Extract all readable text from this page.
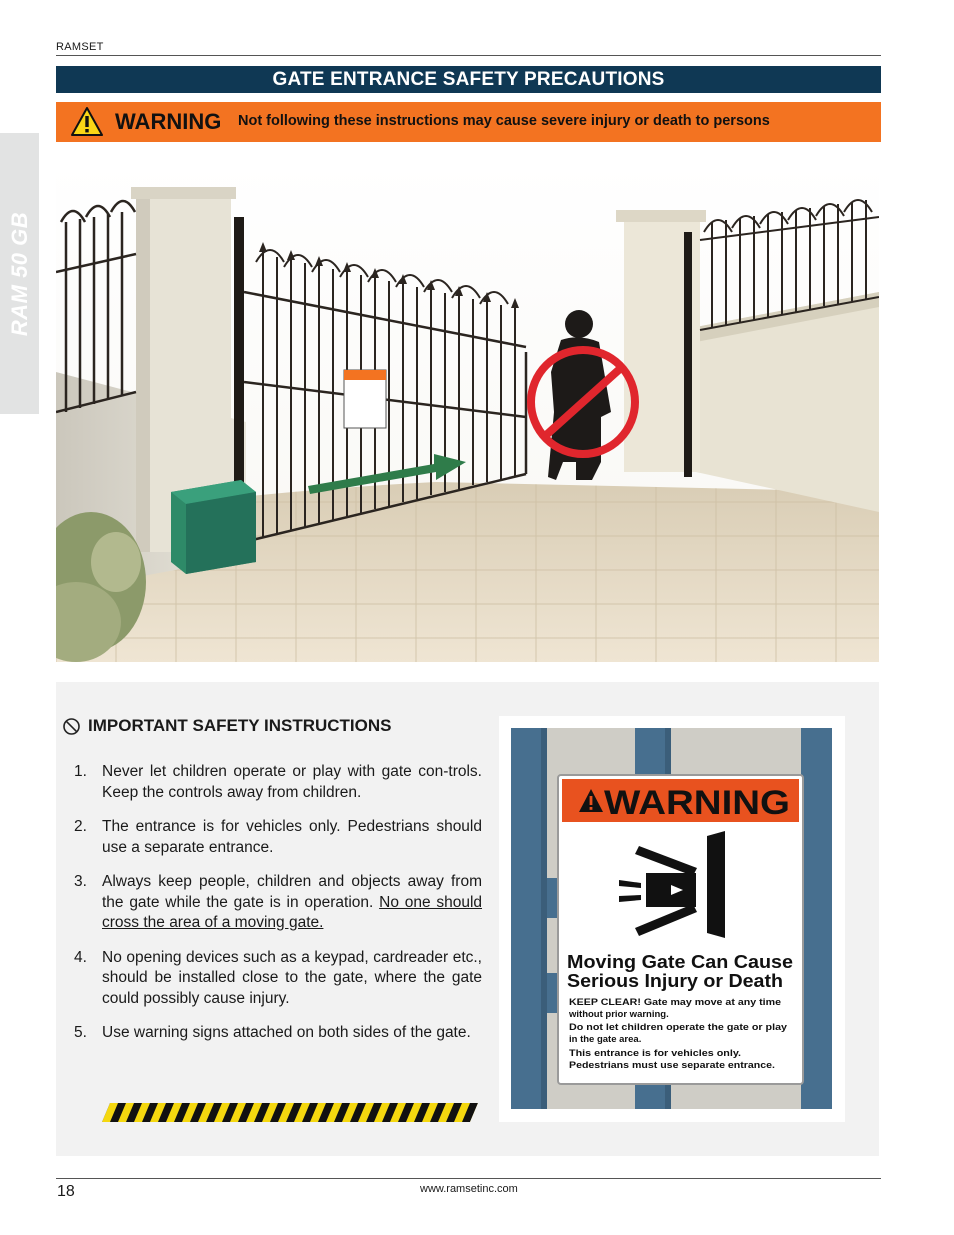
RAMSET
GATE ENTRANCE SAFETY PRECAUTIONS
WARNING Not following these instructions may cause severe injury or death to persons
RAM 50 GB
IMPORTANT SAFETY INSTRUCTIONS
1. Never let children operate or play with gate con-trols. Keep the controls away from children.
2. The entrance is for vehicles only. Pedestrians should use a separate entrance.
3. Always keep people, children and objects away from the gate while the gate is in operation. No one should cross the area of a moving gate.
4. No opening devices such as a keypad, cardreader etc., should be installed close to the gate, where the gate could possibly cause injury.
5. Use warning signs attached on both sides of the gate.
WARNING
Moving Gate Can Cause
Serious Injury or Death
KEEP CLEAR! Gate may move at any time
without prior warning.
Do not let children operate the gate or play
in the gate area.
This entrance is for vehicles only.
Pedestrians must use separate entrance.
18	www.ramsetinc.com
